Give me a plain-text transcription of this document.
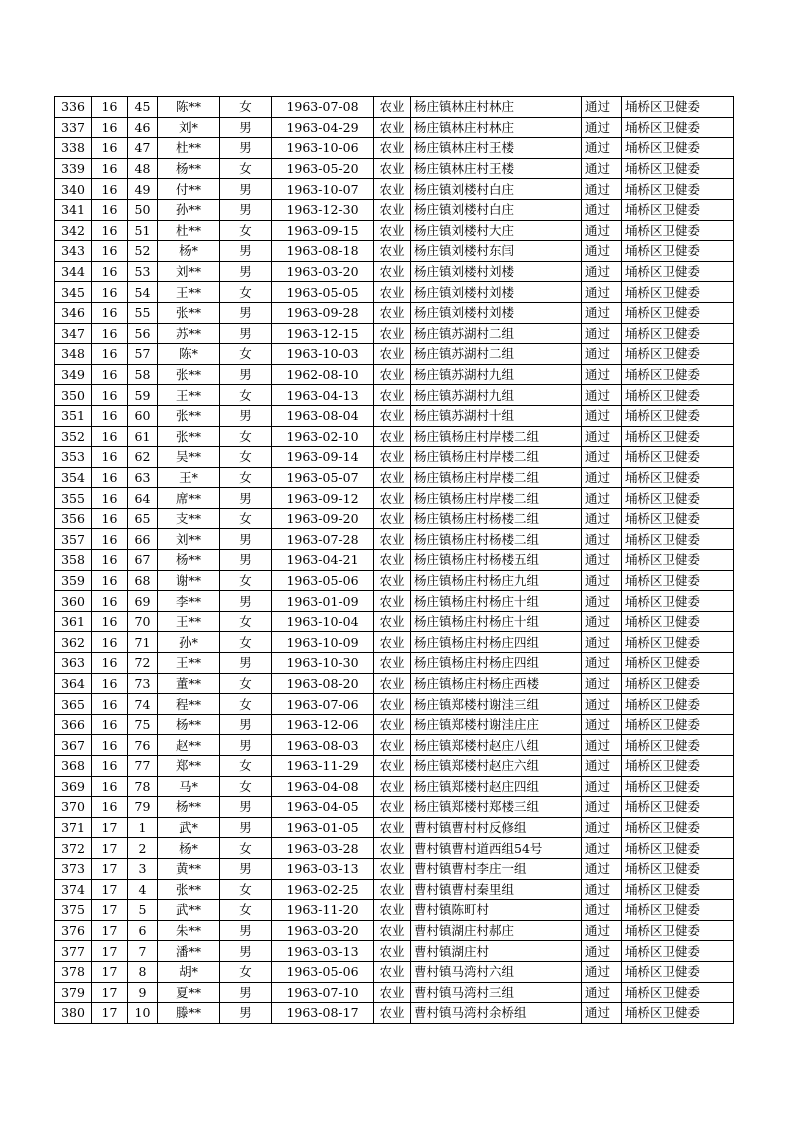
336	16	45	陈**	女	1963-07-08	农业	杨庄镇林庄村林庄	通过	埇桥区卫健委
337	16	46	刘*	男	1963-04-29	农业	杨庄镇林庄村林庄	通过	埇桥区卫健委
338	16	47	杜**	男	1963-10-06	农业	杨庄镇林庄村王楼	通过	埇桥区卫健委
339	16	48	杨**	女	1963-05-20	农业	杨庄镇林庄村王楼	通过	埇桥区卫健委
340	16	49	付**	男	1963-10-07	农业	杨庄镇刘楼村白庄	通过	埇桥区卫健委
341	16	50	孙**	男	1963-12-30	农业	杨庄镇刘楼村白庄	通过	埇桥区卫健委
342	16	51	杜**	女	1963-09-15	农业	杨庄镇刘楼村大庄	通过	埇桥区卫健委
343	16	52	杨*	男	1963-08-18	农业	杨庄镇刘楼村东闫	通过	埇桥区卫健委
344	16	53	刘**	男	1963-03-20	农业	杨庄镇刘楼村刘楼	通过	埇桥区卫健委
345	16	54	王**	女	1963-05-05	农业	杨庄镇刘楼村刘楼	通过	埇桥区卫健委
346	16	55	张**	男	1963-09-28	农业	杨庄镇刘楼村刘楼	通过	埇桥区卫健委
347	16	56	苏**	男	1963-12-15	农业	杨庄镇苏湖村二组	通过	埇桥区卫健委
348	16	57	陈*	女	1963-10-03	农业	杨庄镇苏湖村二组	通过	埇桥区卫健委
349	16	58	张**	男	1962-08-10	农业	杨庄镇苏湖村九组	通过	埇桥区卫健委
350	16	59	王**	女	1963-04-13	农业	杨庄镇苏湖村九组	通过	埇桥区卫健委
351	16	60	张**	男	1963-08-04	农业	杨庄镇苏湖村十组	通过	埇桥区卫健委
352	16	61	张**	女	1963-02-10	农业	杨庄镇杨庄村岸楼二组	通过	埇桥区卫健委
353	16	62	吴**	女	1963-09-14	农业	杨庄镇杨庄村岸楼二组	通过	埇桥区卫健委
354	16	63	王*	女	1963-05-07	农业	杨庄镇杨庄村岸楼二组	通过	埇桥区卫健委
355	16	64	席**	男	1963-09-12	农业	杨庄镇杨庄村岸楼二组	通过	埇桥区卫健委
356	16	65	支**	女	1963-09-20	农业	杨庄镇杨庄村杨楼二组	通过	埇桥区卫健委
357	16	66	刘**	男	1963-07-28	农业	杨庄镇杨庄村杨楼二组	通过	埇桥区卫健委
358	16	67	杨**	男	1963-04-21	农业	杨庄镇杨庄村杨楼五组	通过	埇桥区卫健委
359	16	68	谢**	女	1963-05-06	农业	杨庄镇杨庄村杨庄九组	通过	埇桥区卫健委
360	16	69	李**	男	1963-01-09	农业	杨庄镇杨庄村杨庄十组	通过	埇桥区卫健委
361	16	70	王**	女	1963-10-04	农业	杨庄镇杨庄村杨庄十组	通过	埇桥区卫健委
362	16	71	孙*	女	1963-10-09	农业	杨庄镇杨庄村杨庄四组	通过	埇桥区卫健委
363	16	72	王**	男	1963-10-30	农业	杨庄镇杨庄村杨庄四组	通过	埇桥区卫健委
364	16	73	董**	女	1963-08-20	农业	杨庄镇杨庄村杨庄西楼	通过	埇桥区卫健委
365	16	74	程**	女	1963-07-06	农业	杨庄镇郑楼村谢洼三组	通过	埇桥区卫健委
366	16	75	杨**	男	1963-12-06	农业	杨庄镇郑楼村谢洼庄庄	通过	埇桥区卫健委
367	16	76	赵**	男	1963-08-03	农业	杨庄镇郑楼村赵庄八组	通过	埇桥区卫健委
368	16	77	郑**	女	1963-11-29	农业	杨庄镇郑楼村赵庄六组	通过	埇桥区卫健委
369	16	78	马*	女	1963-04-08	农业	杨庄镇郑楼村赵庄四组	通过	埇桥区卫健委
370	16	79	杨**	男	1963-04-05	农业	杨庄镇郑楼村郑楼三组	通过	埇桥区卫健委
371	17	1	武*	男	1963-01-05	农业	曹村镇曹村村反修组	通过	埇桥区卫健委
372	17	2	杨*	女	1963-03-28	农业	曹村镇曹村道西组54号	通过	埇桥区卫健委
373	17	3	黄**	男	1963-03-13	农业	曹村镇曹村李庄一组	通过	埇桥区卫健委
374	17	4	张**	女	1963-02-25	农业	曹村镇曹村秦里组	通过	埇桥区卫健委
375	17	5	武**	女	1963-11-20	农业	曹村镇陈町村	通过	埇桥区卫健委
376	17	6	朱**	男	1963-03-20	农业	曹村镇湖庄村郝庄	通过	埇桥区卫健委
377	17	7	潘**	男	1963-03-13	农业	曹村镇湖庄村	通过	埇桥区卫健委
378	17	8	胡*	女	1963-05-06	农业	曹村镇马湾村六组	通过	埇桥区卫健委
379	17	9	夏**	男	1963-07-10	农业	曹村镇马湾村三组	通过	埇桥区卫健委
380	17	10	滕**	男	1963-08-17	农业	曹村镇马湾村余桥组	通过	埇桥区卫健委
